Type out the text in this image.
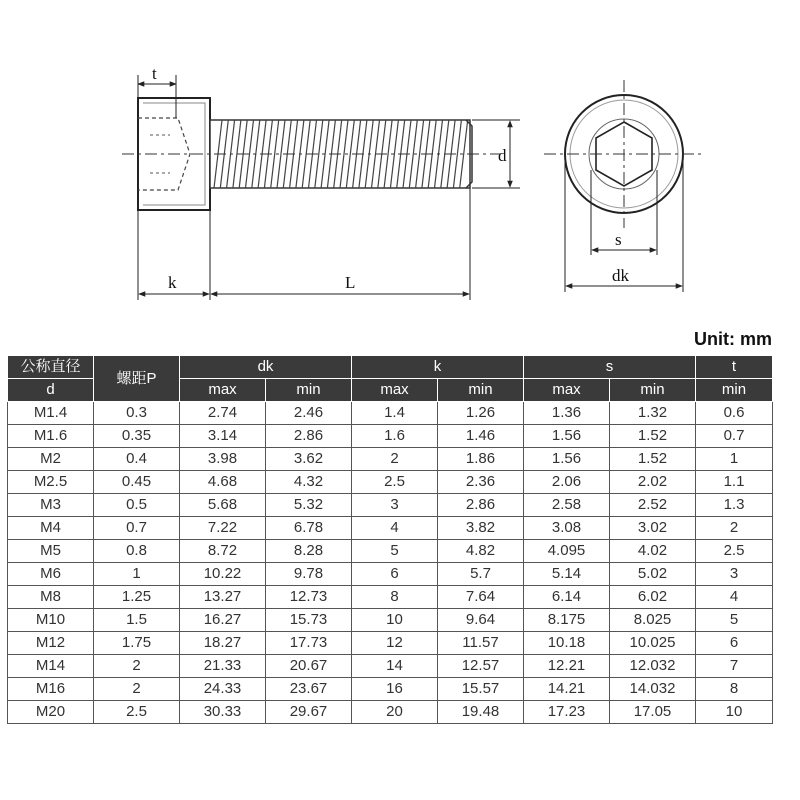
t
d
k	L
s
dk
Unit: mm
公称直径	螺距P	dk		k		s		t
d		max	min	max	min	max	min	min
M1.4	0.3	2.74	2.46	1.4	1.26	1.36	1.32	0.6
M1.6	0.35	3.14	2.86	1.6	1.46	1.56	1.52	0.7
M2	0.4	3.98	3.62	2	1.86	1.56	1.52	1
M2.5	0.45	4.68	4.32	2.5	2.36	2.06	2.02	1.1
M3	0.5	5.68	5.32	3	2.86	2.58	2.52	1.3
M4	0.7	7.22	6.78	4	3.82	3.08	3.02	2
M5	0.8	8.72	8.28	5	4.82	4.095	4.02	2.5
M6	1	10.22	9.78	6	5.7	5.14	5.02	3
M8	1.25	13.27	12.73	8	7.64	6.14	6.02	4
M10	1.5	16.27	15.73	10	9.64	8.175	8.025	5
M12	1.75	18.27	17.73	12	11.57	10.18	10.025	6
M14	2	21.33	20.67	14	12.57	12.21	12.032	7
M16	2	24.33	23.67	16	15.57	14.21	14.032	8
M20	2.5	30.33	29.67	20	19.48	17.23	17.05	10
